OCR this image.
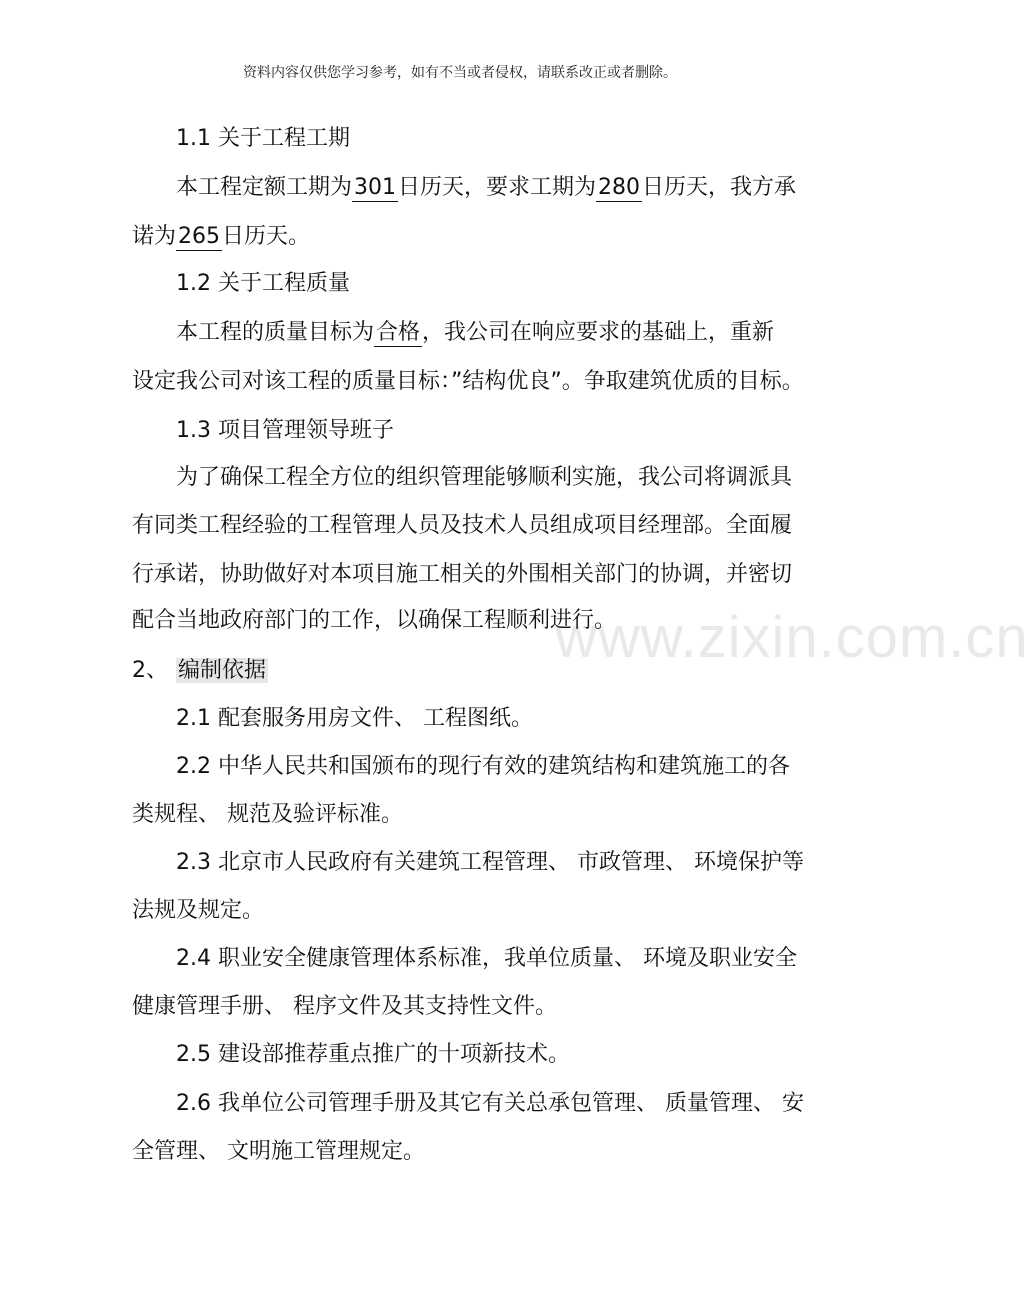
资料内容仅供您学习参考，如有不当或者侵权，请联系改正或者删除。
www.zixin.com.cn
1.1 关于工程工期
本工程定额工期为301日历天，要求工期为280日历天，我方承
诺为265日历天。
1.2 关于工程质量
本工程的质量目标为合格，我公司在响应要求的基础上，重新
设定我公司对该工程的质量目标：”结构优良”。争取建筑优质的目标。
1.3 项目管理领导班子
为了确保工程全方位的组织管理能够顺利实施，我公司将调派具
有同类工程经验的工程管理人员及技术人员组成项目经理部。全面履
行承诺，协助做好对本项目施工相关的外围相关部门的协调，并密切
配合当地政府部门的工作，以确保工程顺利进行。
2、 编制依据
2.1 配套服务用房文件、 工程图纸。
2.2 中华人民共和国颁布的现行有效的建筑结构和建筑施工的各
类规程、 规范及验评标准。
2.3 北京市人民政府有关建筑工程管理、 市政管理、 环境保护等
法规及规定。
2.4 职业安全健康管理体系标准，我单位质量、 环境及职业安全
健康管理手册、 程序文件及其支持性文件。
2.5 建设部推荐重点推广的十项新技术。
2.6 我单位公司管理手册及其它有关总承包管理、 质量管理、 安
全管理、 文明施工管理规定。
